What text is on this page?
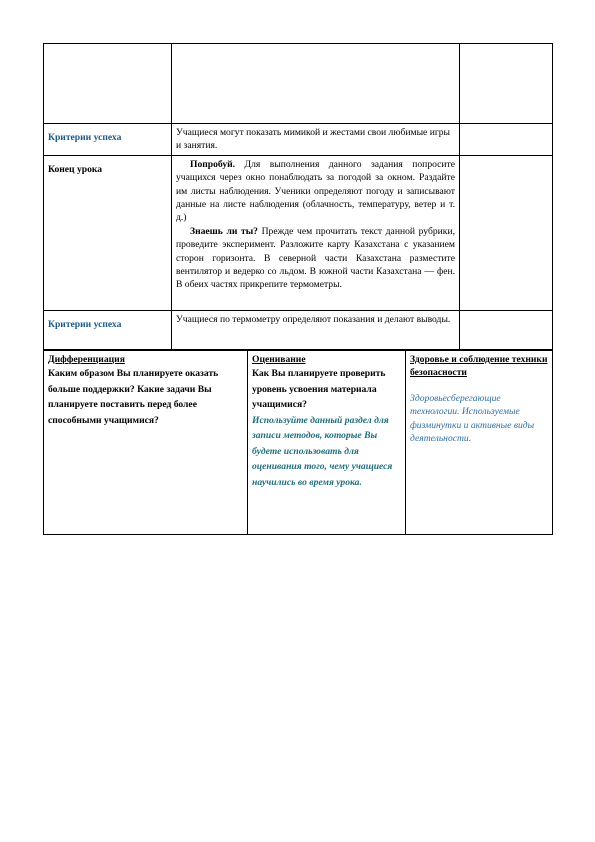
Критерии успеха	Учащиеся могут показать мимикой и жестами свои любимые игры и занятия.	

Конец урока	Попробуй. Для выполнения данного задания попросите учащихся через окно понаблюдать за погодой за окном. Раздайте им листы наблюдения. Ученики определяют погоду и записывают данные на листе наблюдения (облачность, температуру, ветер и т. д.)

Знаешь ли ты? Прежде чем прочитать текст данной рубрики, проведите эксперимент. Разложите карту Казахстана с указанием сторон горизонта. В северной части Казахстана разместите вентилятор и ведерко со льдом. В южной части Казахстана — фен. В обеих частях прикрепите термометры.	

Критерии успеха	Учащиеся по термометру определяют показания и делают выводы.	

Дифференциация

Каким образом Вы планируете оказать больше поддержки? Какие задачи Вы планируете поставить перед более способными учащимися?

Оценивание

Как Вы планируете проверить уровень усвоения материала учащимися?

Используйте данный раздел для записи методов, которые Вы будете использовать для оценивания того, чему учащиеся научились во время урока.

Здоровье и соблюдение техники безопасности

Здоровьесберегающие технологии. Используемые физминутки и активные виды деятельности.
